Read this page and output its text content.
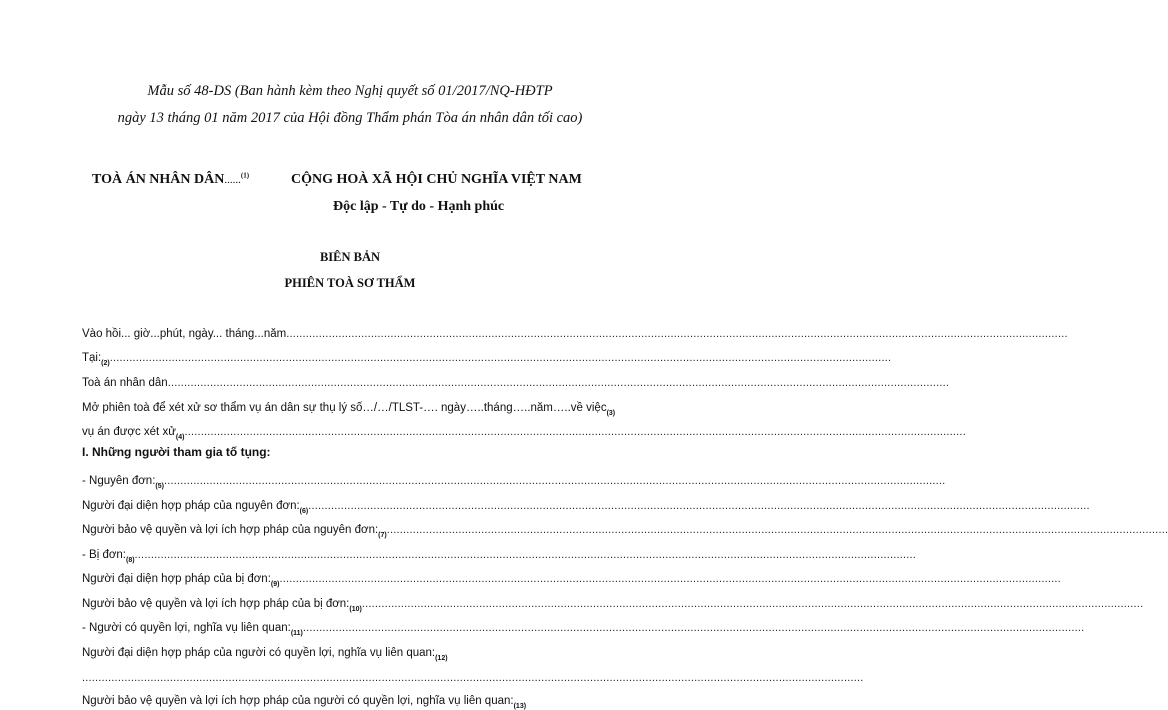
Mẫu số 48-DS (Ban hành kèm theo Nghị quyết số 01/2017/NQ-HĐTP
ngày 13 tháng 01 năm 2017 của Hội đồng Thẩm phán Tòa án nhân dân tối cao)
TOÀ ÁN NHÂN DÂN......$^{(1)}$	CỘNG HOÀ XÃ HỘI CHỦ NGHĨA VIỆT NAM
Độc lập - Tự do - Hạnh phúc
BIÊN BẢN
PHIÊN TOÀ SƠ THẨM
Vào hồi... giờ...phút, ngày... tháng...năm
.....
Tại: (2)
.....
Toà án nhân dân
.....
Mở phiên toà để xét xử sơ thẩm vụ án dân sự thụ lý số…/…/TLST-…. ngày…..tháng…..năm…..về việc (3)
vụ án được xét xử (4)
.....
I. Những người tham gia tố tụng:
- Nguyên đơn: (5)
.....
Người đại diện hợp pháp của nguyên đơn: (6)
.....
Người bảo vệ quyền và lợi ích hợp pháp của nguyên đơn: (7)
.....
- Bị đơn: (8)
.....
Người đại diện hợp pháp của bị đơn: (9)
.....
Người bảo vệ quyền và lợi ích hợp pháp của bị đơn: (10)
.....
- Người có quyền lợi, nghĩa vụ liên quan: (11)
.....
Người đại diện hợp pháp của người có quyền lợi, nghĩa vụ liên quan: (12)
.....
Người bảo vệ quyền và lợi ích hợp pháp của người có quyền lợi, nghĩa vụ liên quan: (13)
